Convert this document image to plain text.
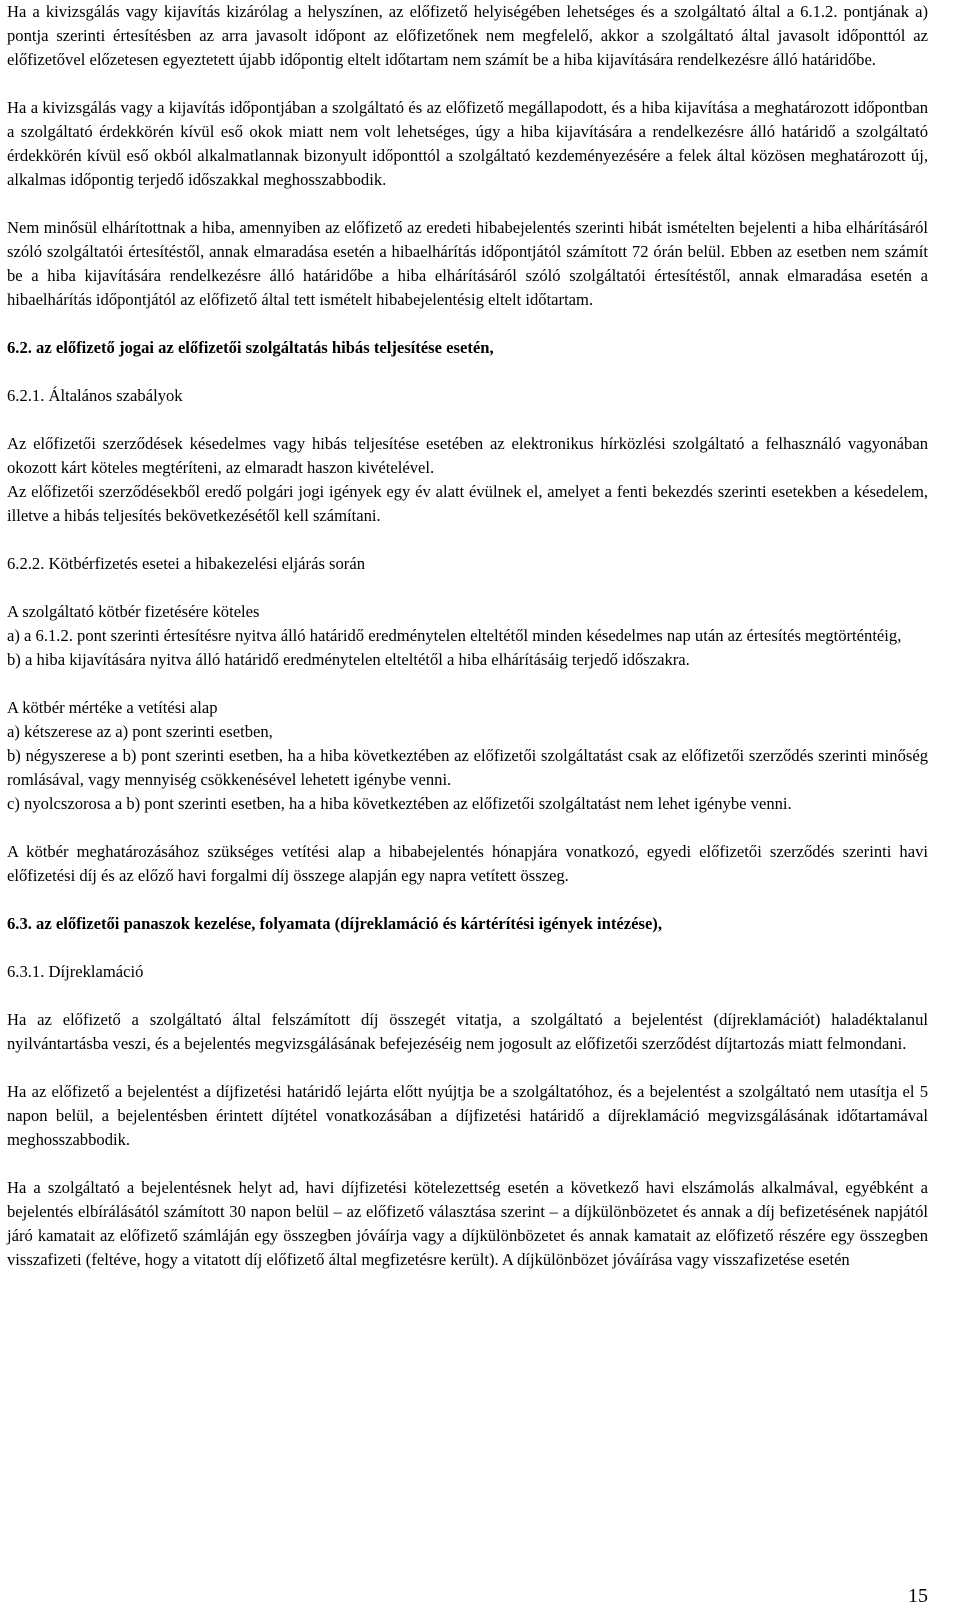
Ha a kivizsgálás vagy kijavítás kizárólag a helyszínen, az előfizető helyiségében lehetséges és a szolgáltató által a 6.1.2. pontjának a) pontja szerinti értesítésben az arra javasolt időpont az előfizetőnek nem megfelelő, akkor a szolgáltató által javasolt időponttól az előfizetővel előzetesen egyeztetett újabb időpontig eltelt időtartam nem számít be a hiba kijavítására rendelkezésre álló határidőbe.

Ha a kivizsgálás vagy a kijavítás időpontjában a szolgáltató és az előfizető megállapodott, és a hiba kijavítása a meghatározott időpontban a szolgáltató érdekkörén kívül eső okok miatt nem volt lehetséges, úgy a hiba kijavítására a rendelkezésre álló határidő a szolgáltató érdekkörén kívül eső okból alkalmatlannak bizonyult időponttól a szolgáltató kezdeményezésére a felek által közösen meghatározott új, alkalmas időpontig terjedő időszakkal meghosszabbodik.

Nem minősül elhárítottnak a hiba, amennyiben az előfizető az eredeti hibabejelentés szerinti hibát ismételten bejelenti a hiba elhárításáról szóló szolgáltatói értesítéstől, annak elmaradása esetén a hibaelhárítás időpontjától számított 72 órán belül. Ebben az esetben nem számít be a hiba kijavítására rendelkezésre álló határidőbe a hiba elhárításáról szóló szolgáltatói értesítéstől, annak elmaradása esetén a hibaelhárítás időpontjától az előfizető által tett ismételt hibabejelentésig eltelt időtartam.

6.2. az előfizető jogai az előfizetői szolgáltatás hibás teljesítése esetén,

6.2.1. Általános szabályok

Az előfizetői szerződések késedelmes vagy hibás teljesítése esetében az elektronikus hírközlési szolgáltató a felhasználó vagyonában okozott kárt köteles megtéríteni, az elmaradt haszon kivételével.

Az előfizetői szerződésekből eredő polgári jogi igények egy év alatt évülnek el, amelyet a fenti bekezdés szerinti esetekben a késedelem, illetve a hibás teljesítés bekövetkezésétől kell számítani.

6.2.2. Kötbérfizetés esetei a hibakezelési eljárás során

A szolgáltató kötbér fizetésére köteles

a) a 6.1.2. pont szerinti értesítésre nyitva álló határidő eredménytelen elteltétől minden késedelmes nap után az értesítés megtörténtéig,

b) a hiba kijavítására nyitva álló határidő eredménytelen elteltétől a hiba elhárításáig terjedő időszakra.

A kötbér mértéke a vetítési alap

a) kétszerese az a) pont szerinti esetben,

b) négyszerese a b) pont szerinti esetben, ha a hiba következtében az előfizetői szolgáltatást csak az előfizetői szerződés szerinti minőség romlásával, vagy mennyiség csökkenésével lehetett igénybe venni.

c) nyolcszorosa a b) pont szerinti esetben, ha a hiba következtében az előfizetői szolgáltatást nem lehet igénybe venni.

A kötbér meghatározásához szükséges vetítési alap a hibabejelentés hónapjára vonatkozó, egyedi előfizetői szerződés szerinti havi előfizetési díj és az előző havi forgalmi díj összege alapján egy napra vetített összeg.

6.3. az előfizetői panaszok kezelése, folyamata (díjreklamáció és kártérítési igények intézése),

6.3.1. Díjreklamáció

Ha az előfizető a szolgáltató által felszámított díj összegét vitatja, a szolgáltató a bejelentést (díjreklamációt) haladéktalanul nyilvántartásba veszi, és a bejelentés megvizsgálásának befejezéséig nem jogosult az előfizetői szerződést díjtartozás miatt felmondani.

Ha az előfizető a bejelentést a díjfizetési határidő lejárta előtt nyújtja be a szolgáltatóhoz, és a bejelentést a szolgáltató nem utasítja el 5 napon belül, a bejelentésben érintett díjtétel vonatkozásában a díjfizetési határidő a díjreklamáció megvizsgálásának időtartamával meghosszabbodik.

Ha a szolgáltató a bejelentésnek helyt ad, havi díjfizetési kötelezettség esetén a következő havi elszámolás alkalmával, egyébként a bejelentés elbírálásától számított 30 napon belül – az előfizető választása szerint – a díjkülönbözetet és annak a díj befizetésének napjától járó kamatait az előfizető számláján egy összegben jóváírja vagy a díjkülönbözetet és annak kamatait az előfizető részére egy összegben visszafizeti (feltéve, hogy a vitatott díj előfizető által megfizetésre került). A díjkülönbözet jóváírása vagy visszafizetése esetén

15
